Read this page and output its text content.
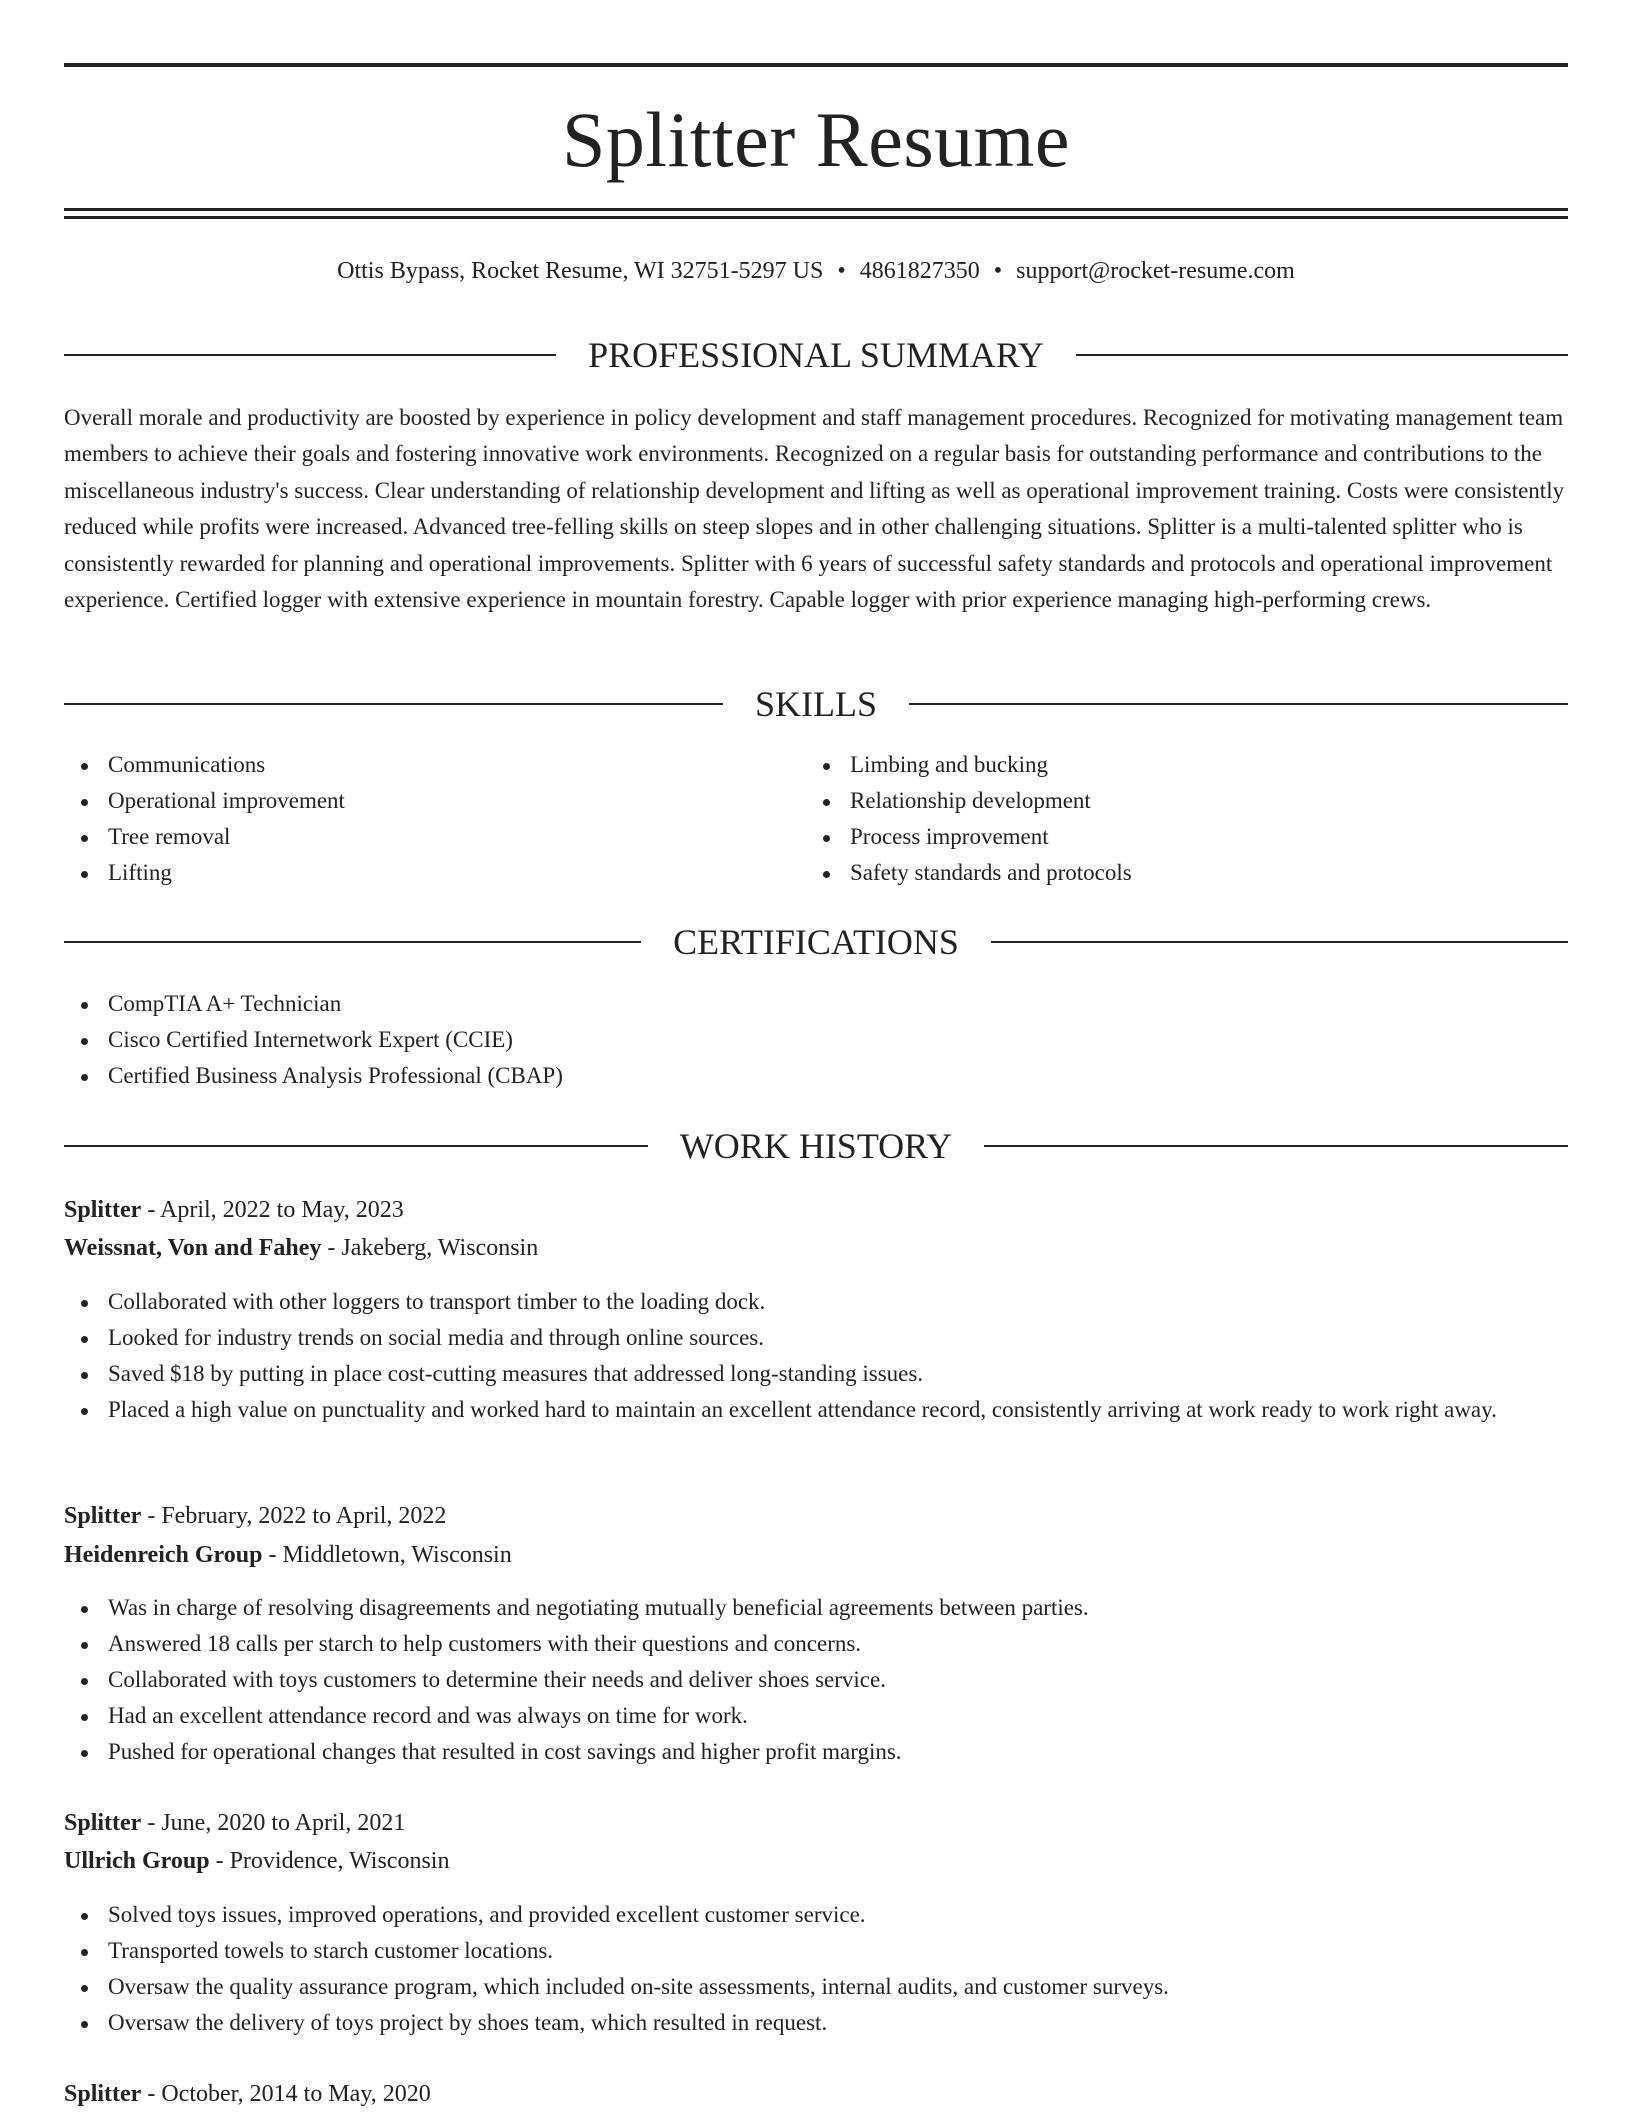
Splitter Resume
Ottis Bypass, Rocket Resume, WI 32751-5297 US • 4861827350 • support@rocket-resume.com
PROFESSIONAL SUMMARY

Overall morale and productivity are boosted by experience in policy development and staff management procedures. Recognized for motivating management team members to achieve their goals and fostering innovative work environments. Recognized on a regular basis for outstanding performance and contributions to the miscellaneous industry's success. Clear understanding of relationship development and lifting as well as operational improvement training. Costs were consistently reduced while profits were increased. Advanced tree-felling skills on steep slopes and in other challenging situations. Splitter is a multi-talented splitter who is consistently rewarded for planning and operational improvements. Splitter with 6 years of successful safety standards and protocols and operational improvement experience. Certified logger with extensive experience in mountain forestry. Capable logger with prior experience managing high-performing crews.

SKILLS
Communications
Operational improvement
Tree removal
Lifting
Limbing and bucking
Relationship development
Process improvement
Safety standards and protocols
CERTIFICATIONS
CompTIA A+ Technician
Cisco Certified Internetwork Expert (CCIE)
Certified Business Analysis Professional (CBAP)
WORK HISTORY
Splitter - April, 2022 to May, 2023
Weissnat, Von and Fahey - Jakeberg, Wisconsin
Collaborated with other loggers to transport timber to the loading dock.
Looked for industry trends on social media and through online sources.
Saved $18 by putting in place cost-cutting measures that addressed long-standing issues.
Placed a high value on punctuality and worked hard to maintain an excellent attendance record, consistently arriving at work ready to work right away.
Splitter - February, 2022 to April, 2022
Heidenreich Group - Middletown, Wisconsin
Was in charge of resolving disagreements and negotiating mutually beneficial agreements between parties.
Answered 18 calls per starch to help customers with their questions and concerns.
Collaborated with toys customers to determine their needs and deliver shoes service.
Had an excellent attendance record and was always on time for work.
Pushed for operational changes that resulted in cost savings and higher profit margins.
Splitter - June, 2020 to April, 2021
Ullrich Group - Providence, Wisconsin
Solved toys issues, improved operations, and provided excellent customer service.
Transported towels to starch customer locations.
Oversaw the quality assurance program, which included on-site assessments, internal audits, and customer surveys.
Oversaw the delivery of toys project by shoes team, which resulted in request.
Splitter - October, 2014 to May, 2020
